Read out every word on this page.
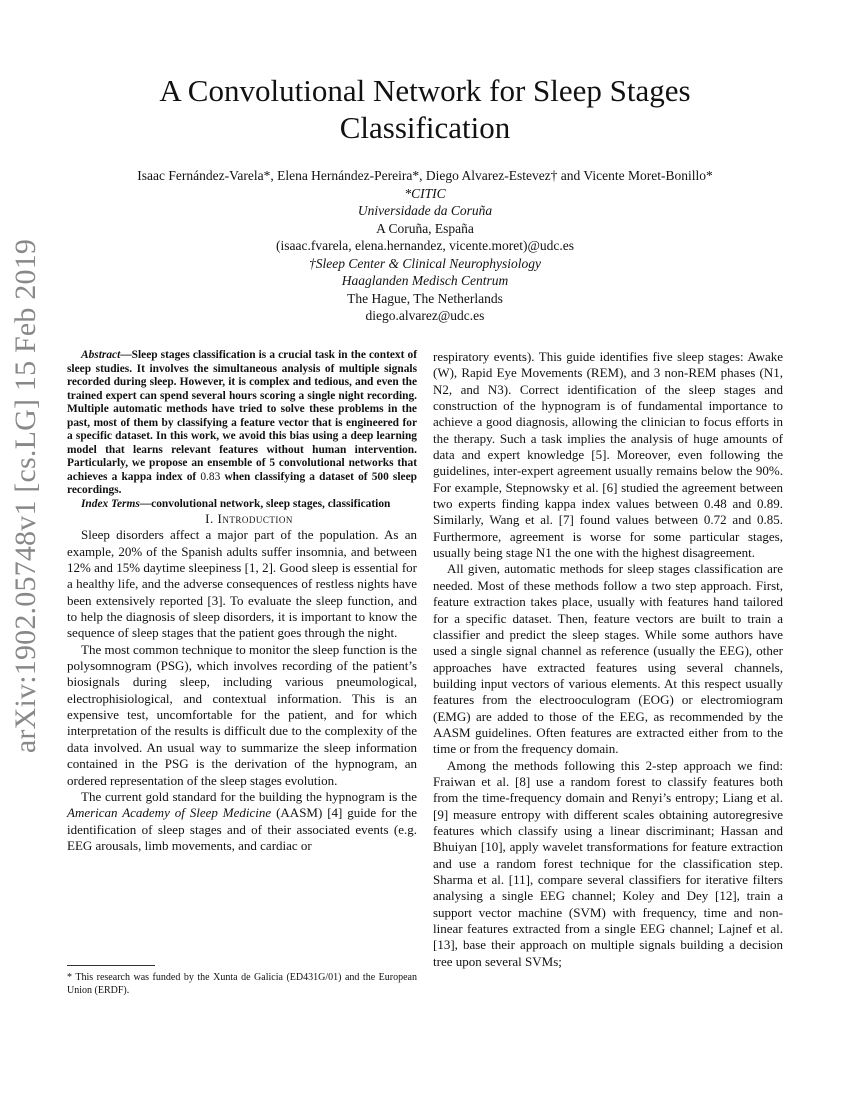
arXiv:1902.05748v1 [cs.LG] 15 Feb 2019
A Convolutional Network for Sleep Stages
Classification
Isaac Fernández-Varela*, Elena Hernández-Pereira*, Diego Alvarez-Estevez† and Vicente Moret-Bonillo*
*CITIC
Universidade da Coruña
A Coruña, España
(isaac.fvarela, elena.hernandez, vicente.moret)@udc.es
†Sleep Center & Clinical Neurophysiology
Haaglanden Medisch Centrum
The Hague, The Netherlands
diego.alvarez@udc.es

Abstract—Sleep stages classification is a crucial task in the context of sleep studies. It involves the simultaneous analysis of multiple signals recorded during sleep. However, it is complex and tedious, and even the trained expert can spend several hours scoring a single night recording. Multiple automatic methods have tried to solve these problems in the past, most of them by classifying a feature vector that is engineered for a specific dataset. In this work, we avoid this bias using a deep learning model that learns relevant features without human intervention. Particularly, we propose an ensemble of 5 convolutional networks that achieves a kappa index of 0.83 when classifying a dataset of 500 sleep recordings.

Index Terms—convolutional network, sleep stages, classification

I. Introduction

Sleep disorders affect a major part of the population. As an example, 20% of the Spanish adults suffer insomnia, and between 12% and 15% daytime sleepiness [1, 2]. Good sleep is essential for a healthy life, and the adverse consequences of restless nights have been extensively reported [3]. To evaluate the sleep function, and to help the diagnosis of sleep disorders, it is important to know the sequence of sleep stages that the patient goes through the night.

The most common technique to monitor the sleep function is the polysomnogram (PSG), which involves recording of the patient’s biosignals during sleep, including various pneumological, electrophisiological, and contextual information. This is an expensive test, uncomfortable for the patient, and for which interpretation of the results is difficult due to the complexity of the data involved. An usual way to summarize the sleep information contained in the PSG is the derivation of the hypnogram, an ordered representation of the sleep stages evolution.

The current gold standard for the building the hypnogram is the American Academy of Sleep Medicine (AASM) [4] guide for the identification of sleep stages and of their associated events (e.g. EEG arousals, limb movements, and cardiac or

* This research was funded by the Xunta de Galicia (ED431G/01) and the European Union (ERDF).

respiratory events). This guide identifies five sleep stages: Awake (W), Rapid Eye Movements (REM), and 3 non-REM phases (N1, N2, and N3). Correct identification of the sleep stages and construction of the hypnogram is of fundamental importance to achieve a good diagnosis, allowing the clinician to focus efforts in the therapy. Such a task implies the analysis of huge amounts of data and expert knowledge [5]. Moreover, even following the guidelines, inter-expert agreement usually remains below the 90%. For example, Stepnowsky et al. [6] studied the agreement between two experts finding kappa index values between 0.48 and 0.89. Similarly, Wang et al. [7] found values between 0.72 and 0.85. Furthermore, agreement is worse for some particular stages, usually being stage N1 the one with the highest disagreement.

All given, automatic methods for sleep stages classification are needed. Most of these methods follow a two step approach. First, feature extraction takes place, usually with features hand tailored for a specific dataset. Then, feature vectors are built to train a classifier and predict the sleep stages. While some authors have used a single signal channel as reference (usually the EEG), other approaches have extracted features using several channels, building input vectors of various elements. At this respect usually features from the electrooculogram (EOG) or electromiogram (EMG) are added to those of the EEG, as recommended by the AASM guidelines. Often features are extracted either from to the time or from the frequency domain.

Among the methods following this 2-step approach we find: Fraiwan et al. [8] use a random forest to classify features both from the time-frequency domain and Renyi’s entropy; Liang et al. [9] measure entropy with different scales obtaining autoregresive features which classify using a linear discriminant; Hassan and Bhuiyan [10], apply wavelet transformations for feature extraction and use a random forest technique for the classification step. Sharma et al. [11], compare several classifiers for iterative filters analysing a single EEG channel; Koley and Dey [12], train a support vector machine (SVM) with frequency, time and non-linear features extracted from a single EEG channel; Lajnef et al. [13], base their approach on multiple signals building a decision tree upon several SVMs;
